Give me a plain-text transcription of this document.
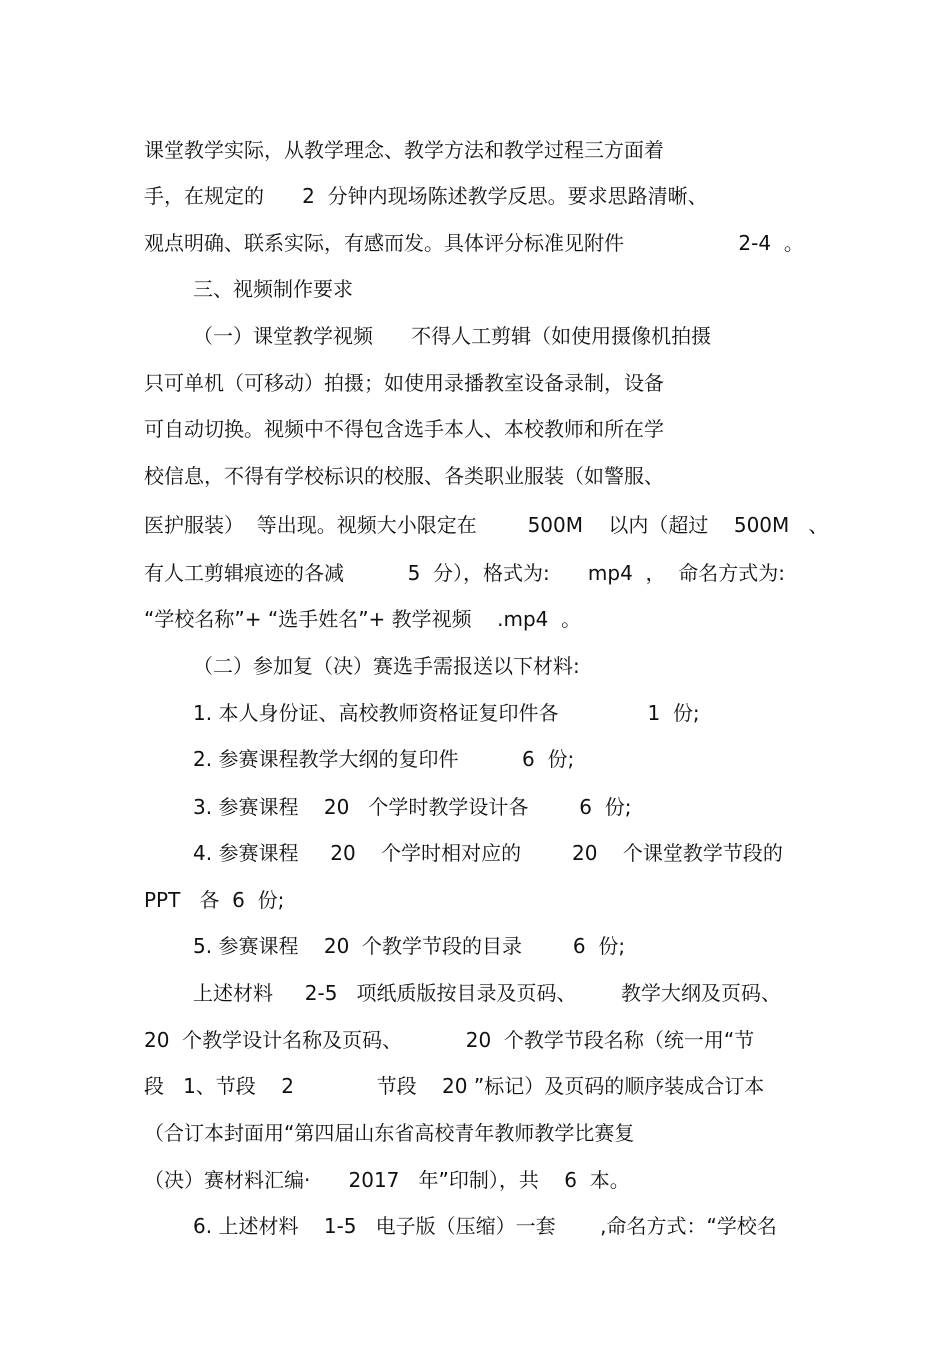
课堂教学实际，从教学理念、教学方法和教学过程三方面着
手，在规定的      2  分钟内现场陈述教学反思。要求思路清晰、
观点明确、联系实际，有感而发。具体评分标准见附件                  2-4  。
三、视频制作要求
（一）课堂教学视频      不得人工剪辑（如使用摄像机拍摄
只可单机（可移动）拍摄；如使用录播教室设备录制，设备
可自动切换。视频中不得包含选手本人、本校教师和所在学
校信息，不得有学校标识的校服、各类职业服装（如警服、
医护服装）  等出现。视频大小限定在        500M    以内（超过    500M   、
有人工剪辑痕迹的各减          5  分），格式为:      mp4  ，  命名方式为:
“学校名称”+ “选手姓名”+ 教学视频    .mp4  。
（二）参加复（决）赛选手需报送以下材料:
1. 本人身份证、高校教师资格证复印件各              1  份;
2. 参赛课程教学大纲的复印件          6  份;
3. 参赛课程    20   个学时教学设计各        6  份;
4. 参赛课程     20    个学时相对应的        20    个课堂教学节段的
PPT   各  6  份;
5. 参赛课程    20  个教学节段的目录        6  份;
上述材料     2-5   项纸质版按目录及页码、       教学大纲及页码、
20  个教学设计名称及页码、          20  个教学节段名称（统一用“节
段   1、节段    2             节段    20 ”标记）及页码的顺序装成合订本
（合订本封面用“第四届山东省高校青年教师教学比赛复
（决）赛材料汇编·      2017   年”印制），共    6  本。
6. 上述材料    1-5   电子版（压缩）一套       ,命名方式：“学校名
